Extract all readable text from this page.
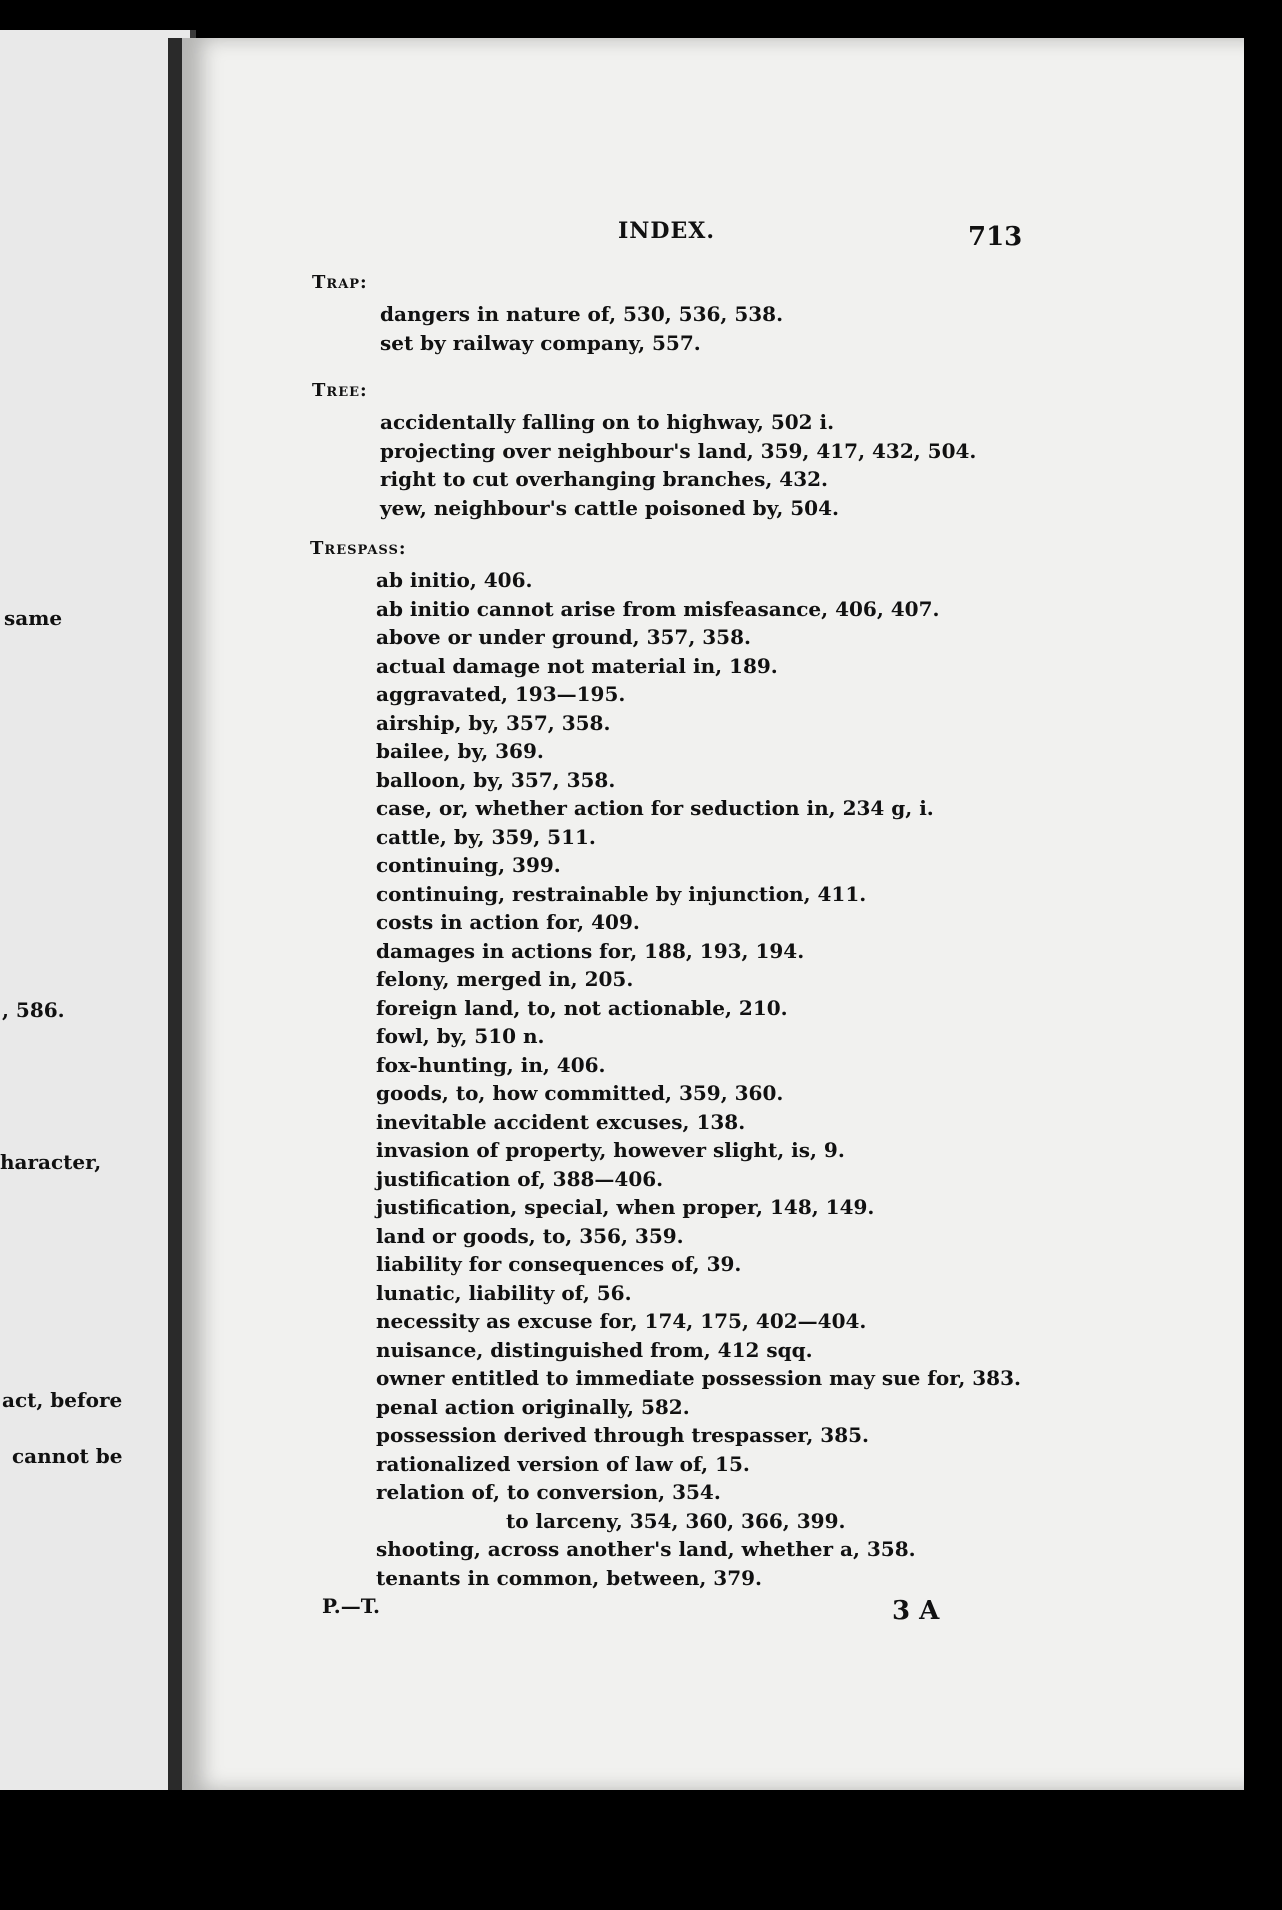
same
, 586.
haracter,
act, before
cannot be
INDEX.	713
Trap:
dangers in nature of, 530, 536, 538.
set by railway company, 557.
Tree:
accidentally falling on to highway, 502 i.
projecting over neighbour's land, 359, 417, 432, 504.
right to cut overhanging branches, 432.
yew, neighbour's cattle poisoned by, 504.
Trespass:
ab initio, 406.
ab initio cannot arise from misfeasance, 406, 407.
above or under ground, 357, 358.
actual damage not material in, 189.
aggravated, 193—195.
airship, by, 357, 358.
bailee, by, 369.
balloon, by, 357, 358.
case, or, whether action for seduction in, 234 g, i.
cattle, by, 359, 511.
continuing, 399.
continuing, restrainable by injunction, 411.
costs in action for, 409.
damages in actions for, 188, 193, 194.
felony, merged in, 205.
foreign land, to, not actionable, 210.
fowl, by, 510 n.
fox-hunting, in, 406.
goods, to, how committed, 359, 360.
inevitable accident excuses, 138.
invasion of property, however slight, is, 9.
justification of, 388—406.
justification, special, when proper, 148, 149.
land or goods, to, 356, 359.
liability for consequences of, 39.
lunatic, liability of, 56.
necessity as excuse for, 174, 175, 402—404.
nuisance, distinguished from, 412 sqq.
owner entitled to immediate possession may sue for, 383.
penal action originally, 582.
possession derived through trespasser, 385.
rationalized version of law of, 15.
relation of, to conversion, 354.
to larceny, 354, 360, 366, 399.
shooting, across another's land, whether a, 358.
tenants in common, between, 379.
P.—T.	3 A
